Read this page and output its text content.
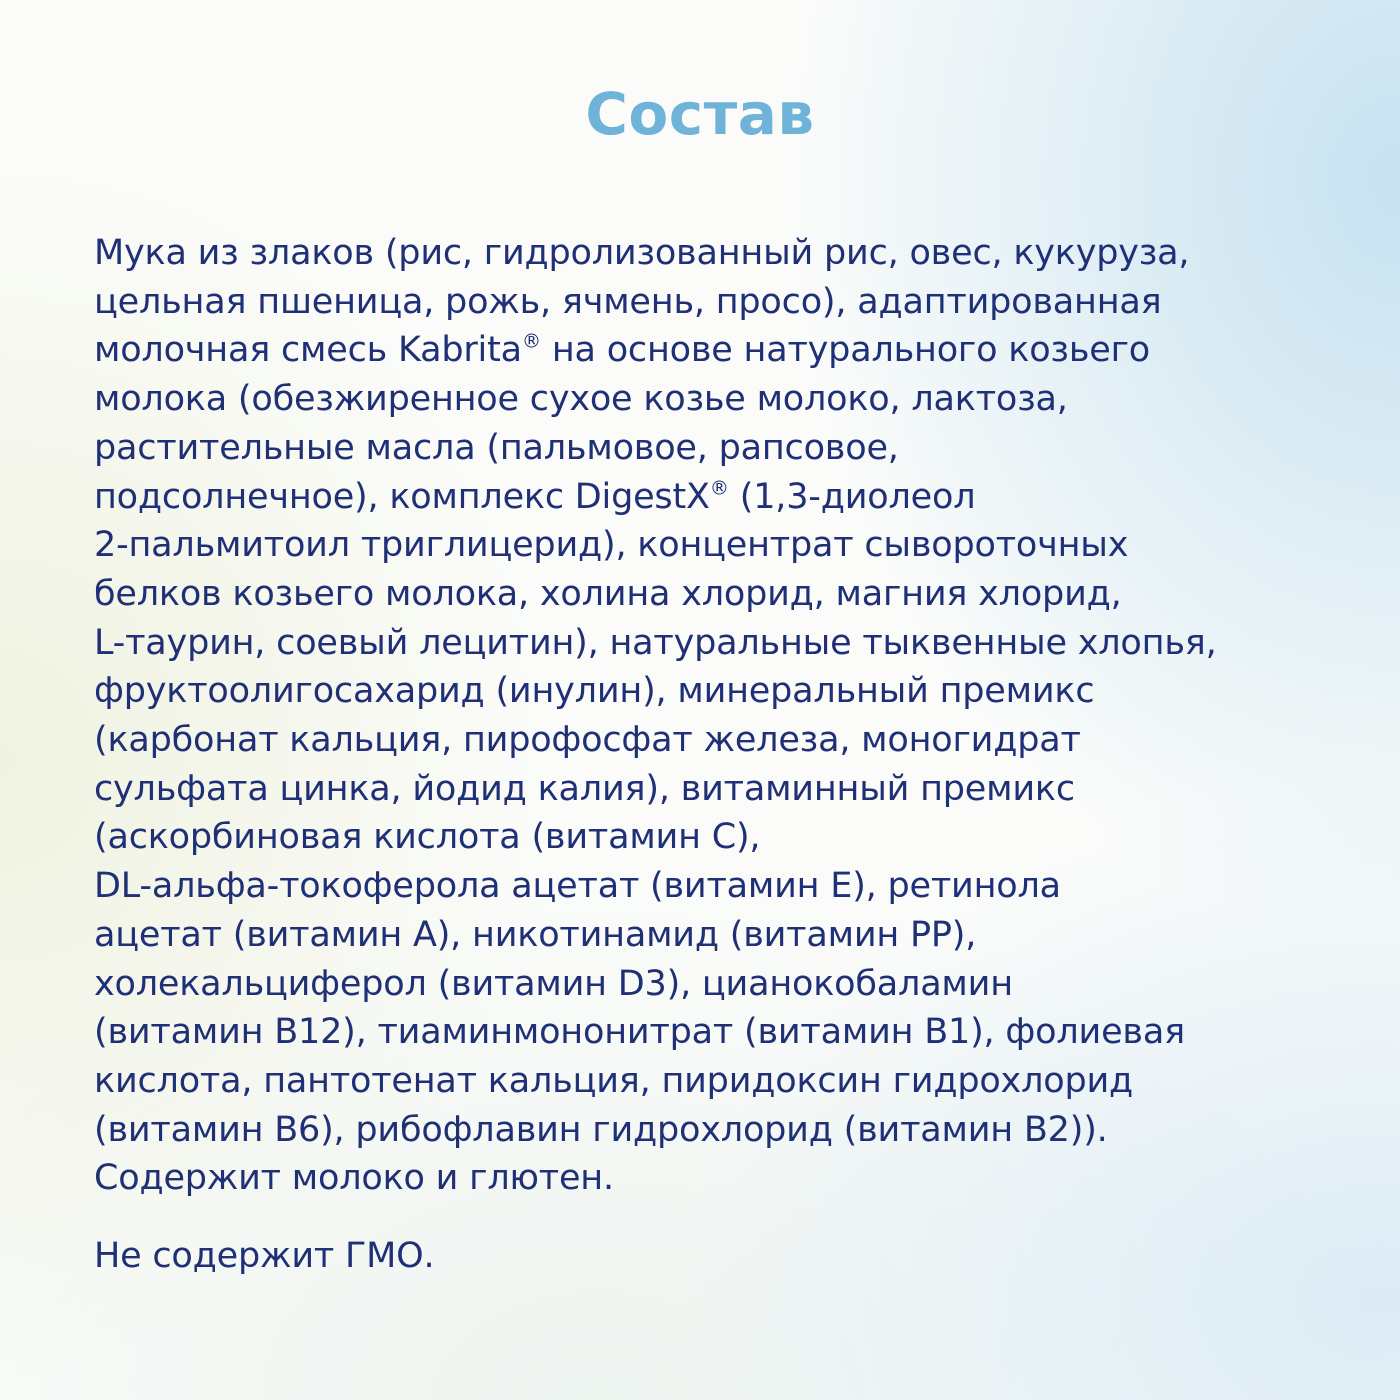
Состав
Мука из злаков (рис, гидролизованный рис, овес, кукуруза,
цельная пшеница, рожь, ячмень, просо), адаптированная
молочная смесь Kabrita® на основе натурального козьего
молока (обезжиренное сухое козье молоко, лактоза,
растительные масла (пальмовое, рапсовое,
подсолнечное), комплекс DigestX® (1,3-диолеол
2-пальмитоил триглицерид), концентрат сывороточных
белков козьего молока, холина хлорид, магния хлорид,
L-таурин, соевый лецитин), натуральные тыквенные хлопья,
фруктоолигосахарид (инулин), минеральный премикс
(карбонат кальция, пирофосфат железа, моногидрат
сульфата цинка, йодид калия), витаминный премикс
(аскорбиновая кислота (витамин С),
DL-альфа-токоферола ацетат (витамин Е), ретинола
ацетат (витамин А), никотинамид (витамин РР),
холекальциферол (витамин D3), цианокобаламин
(витамин В12), тиаминмононитрат (витамин В1), фолиевая
кислота, пантотенат кальция, пиридоксин гидрохлорид
(витамин В6), рибофлавин гидрохлорид (витамин В2)).
Содержит молоко и глютен.

Не содержит ГМО.
